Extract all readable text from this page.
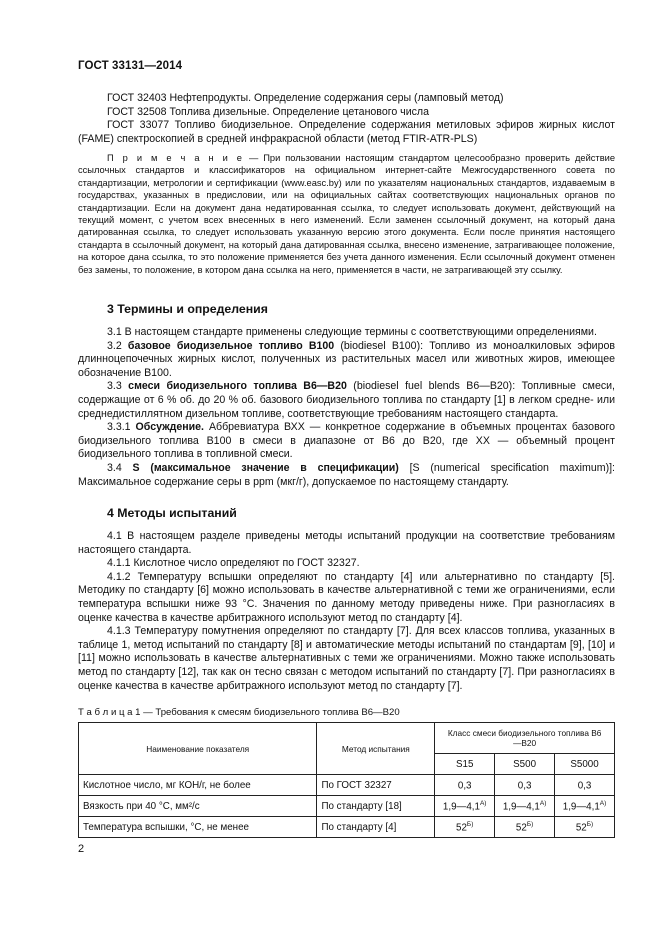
ГОСТ 33131—2014

ГОСТ 32403 Нефтепродукты. Определение содержания серы (ламповый метод)

ГОСТ 32508 Топлива дизельные. Определение цетанового числа

ГОСТ 33077 Топливо биодизельное. Определение содержания метиловых эфиров жирных кислот (FAME) спектроскопией в средней инфракрасной области (метод FTIR-ATR-PLS)

П р и м е ч а н и е — При пользовании настоящим стандартом целесообразно проверить действие ссылочных стандартов и классификаторов на официальном интернет-сайте Межгосударственного совета по стандартизации, метрологии и сертификации (www.easc.by) или по указателям национальных стандартов, издаваемым в государствах, указанных в предисловии, или на официальных сайтах соответствующих национальных органов по стандартизации. Если на документ дана недатированная ссылка, то следует использовать документ, действующий на текущий момент, с учетом всех внесенных в него изменений. Если заменен ссылочный документ, на который дана датированная ссылка, то следует использовать указанную версию этого документа. Если после принятия настоящего стандарта в ссылочный документ, на который дана датированная ссылка, внесено изменение, затрагивающее положение, на которое дана ссылка, то это положение применяется без учета данного изменения. Если ссылочный документ отменен без замены, то положение, в котором дана ссылка на него, применяется в части, не затрагивающей эту ссылку.

3 Термины и определения

3.1 В настоящем стандарте применены следующие термины с соответствующими определениями.

3.2 базовое биодизельное топливо В100 (biodiesel В100): Топливо из моноалкиловых эфиров длинноцепочечных жирных кислот, полученных из растительных масел или животных жиров, имеющее обозначение В100.

3.3 смеси биодизельного топлива В6—В20 (biodiesel fuel blends В6—В20): Топливные смеси, содержащие от 6 % об. до 20 % об. базового биодизельного топлива по стандарту [1] в легком средне- или среднедистиллятном дизельном топливе, соответствующие требованиям настоящего стандарта.

3.3.1 Обсуждение. Аббревиатура ВХХ — конкретное содержание в объемных процентах базового биодизельного топлива В100 в смеси в диапазоне от В6 до В20, где ХХ — объемный процент биодизельного топлива в топливной смеси.

3.4 S (максимальное значение в спецификации) [S (numerical specification maximum)]: Максимальное содержание серы в ppm (мкг/г), допускаемое по настоящему стандарту.

4 Методы испытаний

4.1 В настоящем разделе приведены методы испытаний продукции на соответствие требованиям настоящего стандарта.

4.1.1 Кислотное число определяют по ГОСТ 32327.

4.1.2 Температуру вспышки определяют по стандарту [4] или альтернативно по стандарту [5]. Методику по стандарту [6] можно использовать в качестве альтернативной с теми же ограничениями, если температура вспышки ниже 93 °С. Значения по данному методу приведены ниже. При разногласиях в оценке качества в качестве арбитражного используют метод по стандарту [4].

4.1.3 Температуру помутнения определяют по стандарту [7]. Для всех классов топлива, указанных в таблице 1, метод испытаний по стандарту [8] и автоматические методы испытаний по стандартам [9], [10] и [11] можно использовать в качестве альтернативных с теми же ограничениями. Можно также использовать метод по стандарту [12], так как он тесно связан с методом испытаний по стандарту [7]. При разногласиях в оценке качества в качестве арбитражного используют метод по стандарту [7].

Т а б л и ц а 1 — Требования к смесям биодизельного топлива В6—В20
Наименование показателя	Метод испытания	Класс смеси биодизельного топлива В6—В20		
		S15	S500	S5000
Кислотное число, мг КОН/г, не более	По ГОСТ 32327	0,3	0,3	0,3
Вязкость при 40 °С, мм²/с	По стандарту [18]	$1,9—4,1^{А)}$	$1,9—4,1^{А)}$	$1,9—4,1^{А)}$
Температура вспышки, °С, не менее	По стандарту [4]	$52^{Б)}$	$52^{Б)}$	$52^{Б)}$
2
